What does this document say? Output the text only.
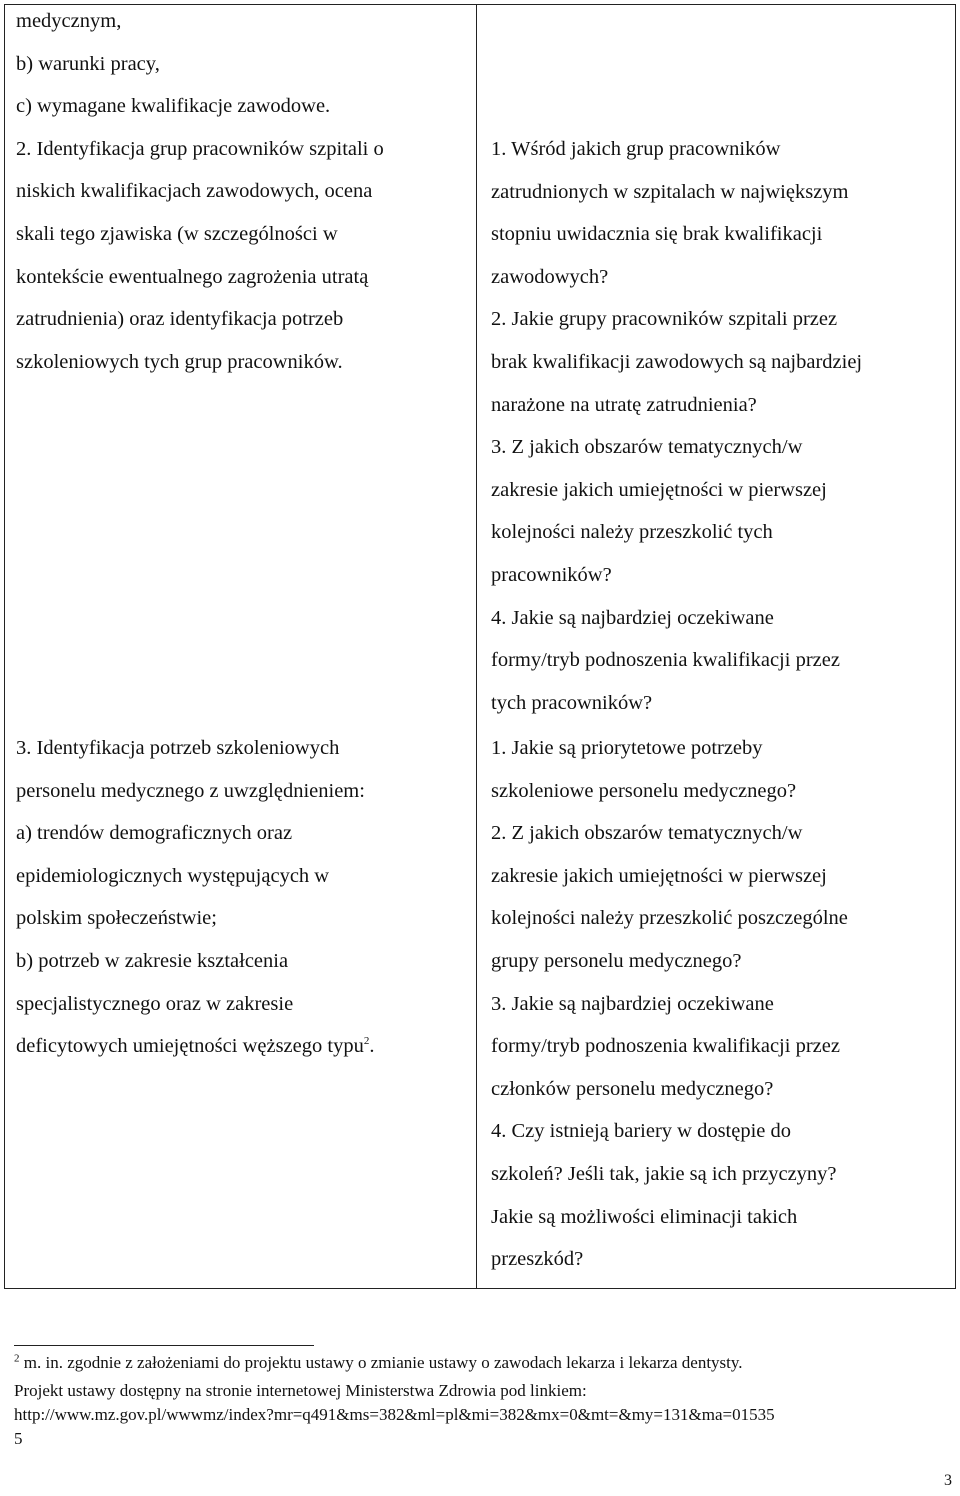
medycznym,
b) warunki pracy,
c) wymagane kwalifikacje zawodowe.
2. Identyfikacja grup pracowników szpitali o
niskich kwalifikacjach zawodowych, ocena
skali tego zjawiska (w szczególności w
kontekście ewentualnego zagrożenia utratą
zatrudnienia) oraz identyfikacja potrzeb
szkoleniowych tych grup pracowników.
1. Wśród jakich grup pracowników
zatrudnionych w szpitalach w największym
stopniu uwidacznia się brak kwalifikacji
zawodowych?
2. Jakie grupy pracowników szpitali przez
brak kwalifikacji zawodowych są najbardziej
narażone na utratę zatrudnienia?
3. Z jakich obszarów tematycznych/w
zakresie jakich umiejętności w pierwszej
kolejności należy przeszkolić tych
pracowników?
4. Jakie są najbardziej oczekiwane
formy/tryb podnoszenia kwalifikacji przez
tych pracowników?
3. Identyfikacja potrzeb szkoleniowych
personelu medycznego z uwzględnieniem:
a) trendów demograficznych oraz
epidemiologicznych występujących w
polskim społeczeństwie;
b) potrzeb w zakresie kształcenia
specjalistycznego oraz w zakresie
deficytowych umiejętności węższego typu$^2$.
1. Jakie są priorytetowe potrzeby
szkoleniowe personelu medycznego?
2. Z jakich obszarów tematycznych/w
zakresie jakich umiejętności w pierwszej
kolejności należy przeszkolić poszczególne
grupy personelu medycznego?
3. Jakie są najbardziej oczekiwane
formy/tryb podnoszenia kwalifikacji przez
członków personelu medycznego?
4. Czy istnieją bariery w dostępie do
szkoleń? Jeśli tak, jakie są ich przyczyny?
Jakie są możliwości eliminacji takich
przeszkód?
$^2$ m. in. zgodnie z założeniami do projektu ustawy o zmianie ustawy o zawodach lekarza i lekarza dentysty.
Projekt ustawy dostępny na stronie internetowej Ministerstwa Zdrowia pod linkiem:
http://www.mz.gov.pl/wwwmz/index?mr=q491&ms=382&ml=pl&mi=382&mx=0&mt=&my=131&ma=01535
5
3
